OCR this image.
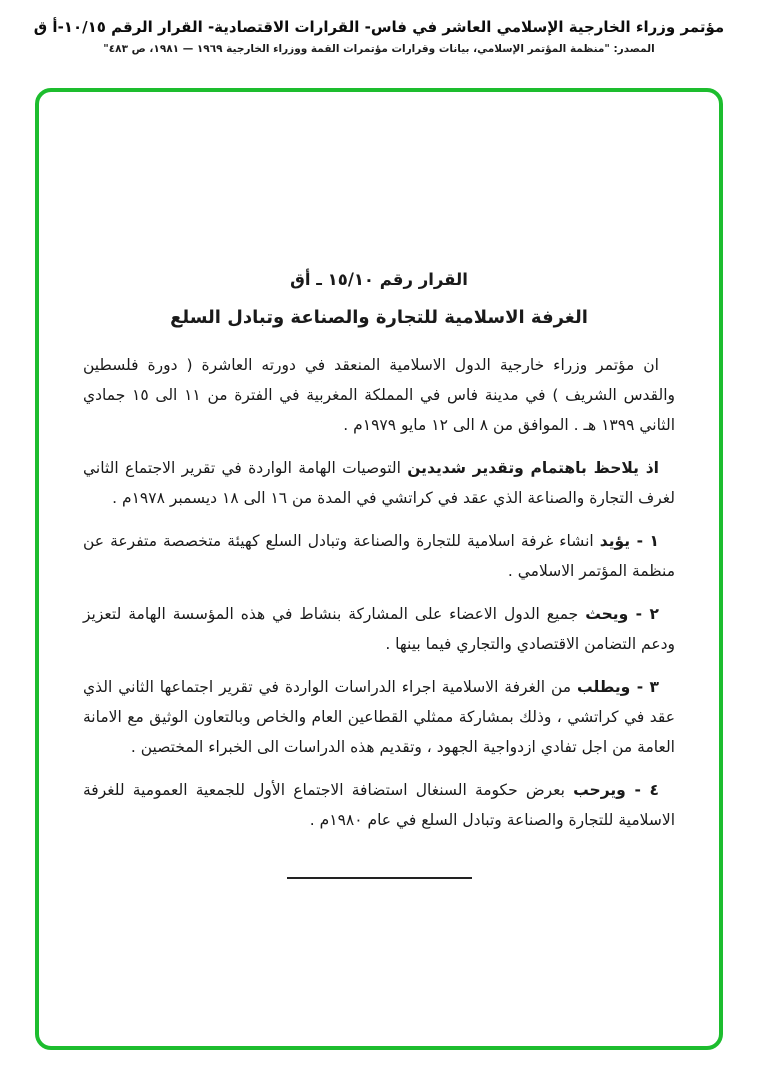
مؤتمر وزراء الخارجية الإسلامي العاشر في فاس- القرارات الاقتصادية- القرار الرقم ١٠/١٥-أ ق
المصدر: "منظمة المؤتمر الإسلامي، بيانات وقرارات مؤتمرات القمة ووزراء الخارجية ١٩٦٩ — ١٩٨١، ص ٤٨٣"
القرار رقم ١٥/١٠ ـ أق
الغرفة الاسلامية للتجارة والصناعة وتبادل السلع

ان مؤتمر وزراء خارجية الدول الاسلامية المنعقد في دورته العاشرة ( دورة فلسطين والقدس الشريف ) في مدينة فاس في المملكة المغربية في الفترة من ١١ الى ١٥ جمادي الثاني ١٣٩٩ هـ . الموافق من ٨ الى ١٢ مايو ١٩٧٩م .

اذ يلاحظ باهتمام وتقدير شديدين التوصيات الهامة الواردة في تقرير الاجتماع الثاني لغرف التجارة والصناعة الذي عقد في كراتشي في المدة من ١٦ الى ١٨ ديسمبر ١٩٧٨م .

١ - يؤيد انشاء غرفة اسلامية للتجارة والصناعة وتبادل السلع كهيئة متخصصة متفرعة عن منظمة المؤتمر الاسلامي .

٢ - ويحث جميع الدول الاعضاء على المشاركة بنشاط في هذه المؤسسة الهامة لتعزيز ودعم التضامن الاقتصادي والتجاري فيما بينها .

٣ - ويطلب من الغرفة الاسلامية اجراء الدراسات الواردة في تقرير اجتماعها الثاني الذي عقد في كراتشي ، وذلك بمشاركة ممثلي القطاعين العام والخاص وبالتعاون الوثيق مع الامانة العامة من اجل تفادي ازدواجية الجهود ، وتقديم هذه الدراسات الى الخبراء المختصين .

٤ - ويرحب بعرض حكومة السنغال استضافة الاجتماع الأول للجمعية العمومية للغرفة الاسلامية للتجارة والصناعة وتبادل السلع في عام ١٩٨٠م .
